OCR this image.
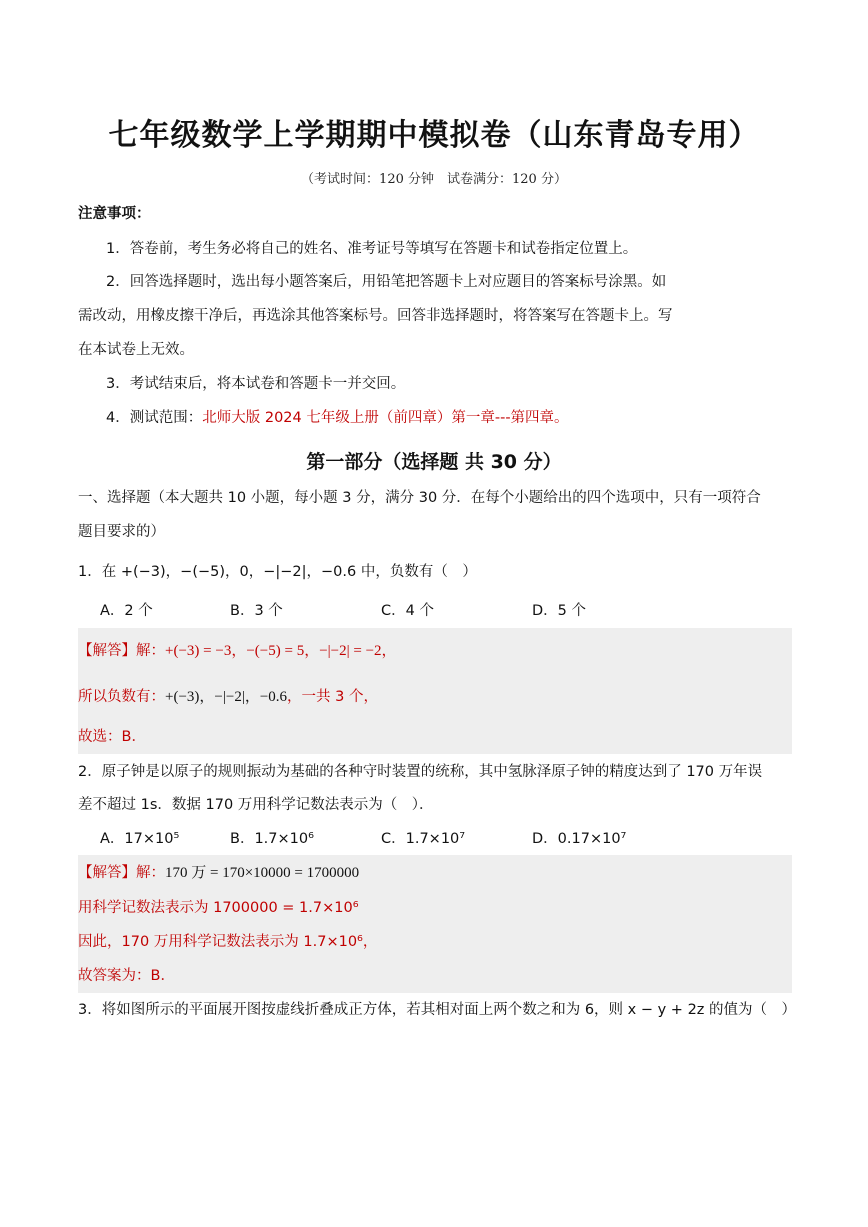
七年级数学上学期期中模拟卷（山东青岛专用）
（考试时间：120 分钟　试卷满分：120 分）
注意事项：
1．答卷前，考生务必将自己的姓名、准考证号等填写在答题卡和试卷指定位置上。
2．回答选择题时，选出每小题答案后，用铅笔把答题卡上对应题目的答案标号涂黑。如
需改动，用橡皮擦干净后，再选涂其他答案标号。回答非选择题时，将答案写在答题卡上。写
在本试卷上无效。
3．考试结束后，将本试卷和答题卡一并交回。
4．测试范围：北师大版 2024 七年级上册（前四章）第一章---第四章。
第一部分（选择题 共 30 分）
一、选择题（本大题共 10 小题，每小题 3 分，满分 30 分．在每个小题给出的四个选项中，只有一项符合
题目要求的）
1．在 +(−3)，−(−5)，0，−|−2|，−0.6 中，负数有（　）
A．2 个	B．3 个	C．4 个	D．5 个
【解答】解：+(−3) = −3，−(−5) = 5，−|−2| = −2，
所以负数有：+(−3)，−|−2|，−0.6，一共 3 个，
故选：B．
2．原子钟是以原子的规则振动为基础的各种守时装置的统称，其中氢脉泽原子钟的精度达到了 170 万年误
差不超过 1s．数据 170 万用科学记数法表示为（　）．
A．17×10⁵	B．1.7×10⁶	C．1.7×10⁷	D．0.17×10⁷
【解答】解：170 万 = 170×10000 = 1700000
用科学记数法表示为 1700000 = 1.7×10⁶
因此，170 万用科学记数法表示为 1.7×10⁶，
故答案为：B．
3．将如图所示的平面展开图按虚线折叠成正方体，若其相对面上两个数之和为 6，则 x − y + 2z 的值为（　）
